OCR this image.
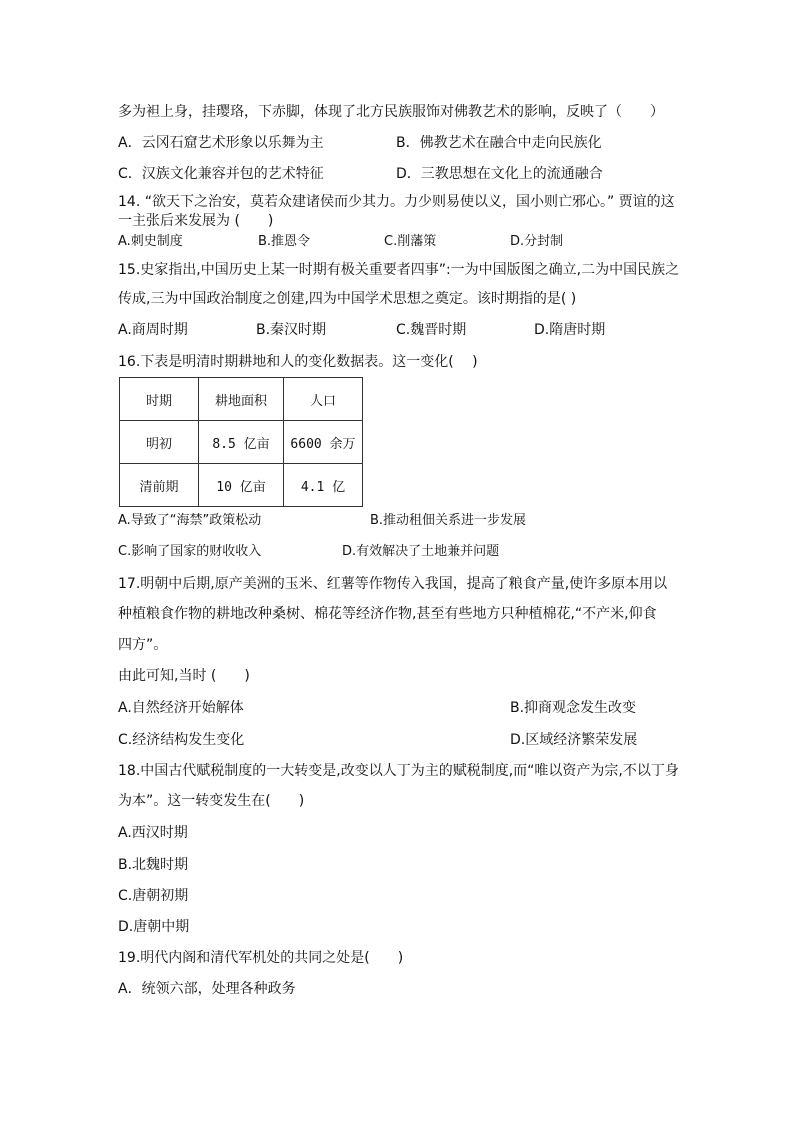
多为袒上身，挂璎珞，下赤脚，体现了北方民族服饰对佛教艺术的影响，反映了（　　）
A．云冈石窟艺术形象以乐舞为主	B．佛教艺术在融合中走向民族化
C．汉族文化兼容并包的艺术特征	D．三教思想在文化上的流通融合
14. “欲天下之治安，莫若众建诸侯而少其力。力少则易使以义，国小则亡邪心。” 贾谊的这
一主张后来发展为 (　　)
A.刺史制度	B.推恩令	C.削藩策	D.分封制
15.史家指出,中国历史上某一时期有极关重要者四事”:一为中国版图之确立,二为中国民族之
传成,三为中国政治制度之创建,四为中国学术思想之奠定。该时期指的是( )
A.商周时期	B.秦汉时期	C.魏晋时期	D.隋唐时期
16.下表是明清时期耕地和人的变化数据表。这一变化(　 )
时期	耕地面积	人口
明初	8.5 亿亩	6600 余万
清前期	10 亿亩	4.1 亿
A.导致了“海禁”政策松动	B.推动租佃关系进一步发展
C.影响了国家的财收收入	D.有效解决了土地兼并问题
17.明朝中后期,原产美洲的玉米、红薯等作物传入我国，提高了粮食产量,使许多原本用以
种植粮食作物的耕地改种桑树、棉花等经济作物,甚至有些地方只种植棉花,“不产米,仰食
四方”。
由此可知,当时 (　　)
A.自然经济开始解体	B.抑商观念发生改变
C.经济结构发生变化	D.区域经济繁荣发展
18.中国古代赋税制度的一大转变是,改变以人丁为主的赋税制度,而“唯以资产为宗,不以丁身
为本”。这一转变发生在(　　)
A.西汉时期
B.北魏时期
C.唐朝初期
D.唐朝中期
19.明代内阁和清代军机处的共同之处是(　　)
A．统领六部，处理各种政务
